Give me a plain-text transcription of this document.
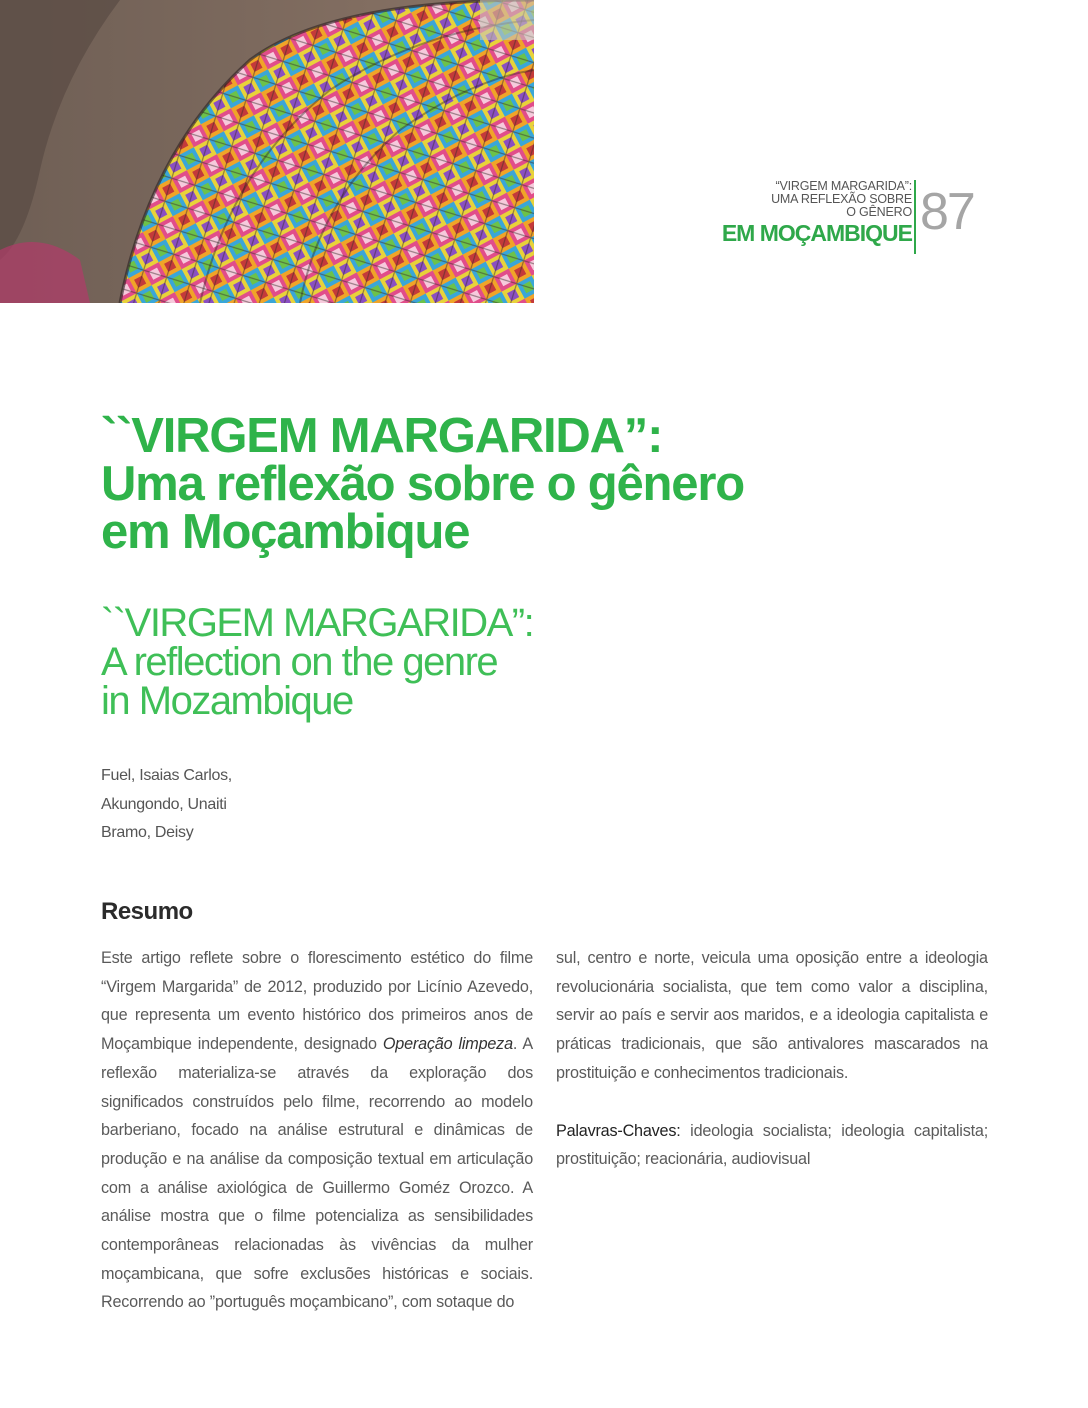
“VIRGEM MARGARIDA”:
UMA REFLEXÃO SOBRE
O GÊNERO
EM MOÇAMBIQUE 87
``VIRGEM MARGARIDA”:
Uma reflexão sobre o gênero
em Moçambique
``VIRGEM MARGARIDA”:
A reflection on the genre
in Mozambique
Fuel, Isaias Carlos,
Akungondo, Unaiti
Bramo, Deisy
Resumo

Este artigo reflete sobre o florescimento estético do filme “Virgem Margarida” de 2012, produzido por Licínio Azevedo, que representa um evento histórico dos primeiros anos de Moçambique independente, designado Operação limpeza. A reflexão materializa-se através da exploração dos significados construídos pelo filme, recorrendo ao modelo barberiano, focado na análise estrutural e dinâmicas de produção e na análise da composição textual em articulação com a análise axiológica de Guillermo Goméz Orozco. A análise mostra que o filme potencializa as sensibilidades contemporâneas relacionadas às vivências da mulher moçambicana, que sofre exclusões históricas e sociais. Recorrendo ao ”português moçambicano”, com sotaque do

sul, centro e norte, veicula uma oposição entre a ideologia revolucionária socialista, que tem como valor a disciplina, servir ao país e servir aos maridos, e a ideologia capitalista e práticas tradicionais, que são antivalores mascarados na prostituição e conhecimentos tradicionais.

Palavras-Chaves: ideologia socialista; ideologia capitalista; prostituição; reacionária, audiovisual
